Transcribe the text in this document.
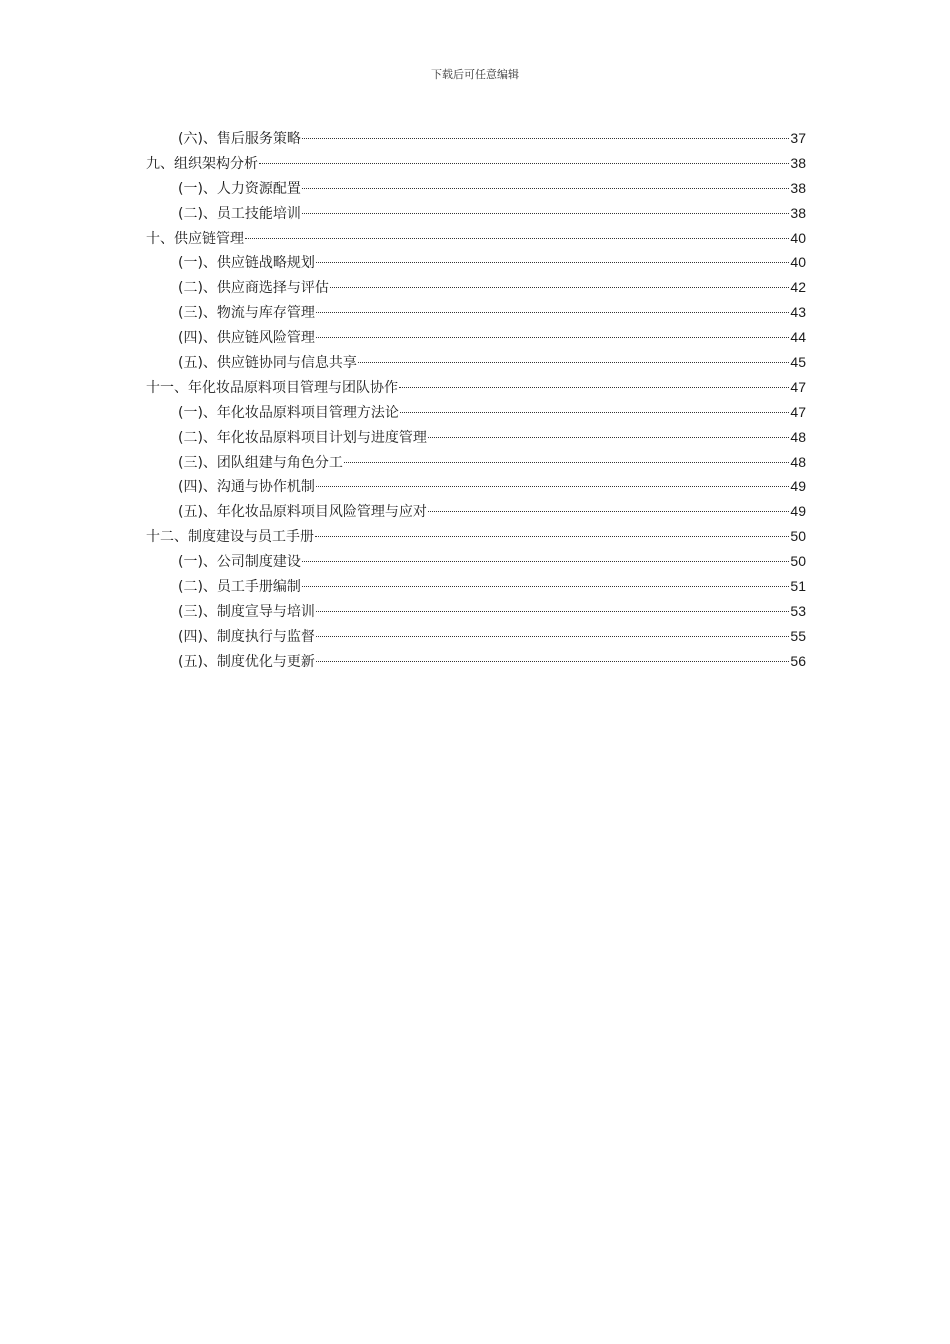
下载后可任意编辑
(六)、售后服务策略	37
九、组织架构分析	38
(一)、人力资源配置	38
(二)、员工技能培训	38
十、供应链管理	40
(一)、供应链战略规划	40
(二)、供应商选择与评估	42
(三)、物流与库存管理	43
(四)、供应链风险管理	44
(五)、供应链协同与信息共享	45
十一、年化妆品原料项目管理与团队协作	47
(一)、年化妆品原料项目管理方法论	47
(二)、年化妆品原料项目计划与进度管理	48
(三)、团队组建与角色分工	48
(四)、沟通与协作机制	49
(五)、年化妆品原料项目风险管理与应对	49
十二、制度建设与员工手册	50
(一)、公司制度建设	50
(二)、员工手册编制	51
(三)、制度宣导与培训	53
(四)、制度执行与监督	55
(五)、制度优化与更新	56
